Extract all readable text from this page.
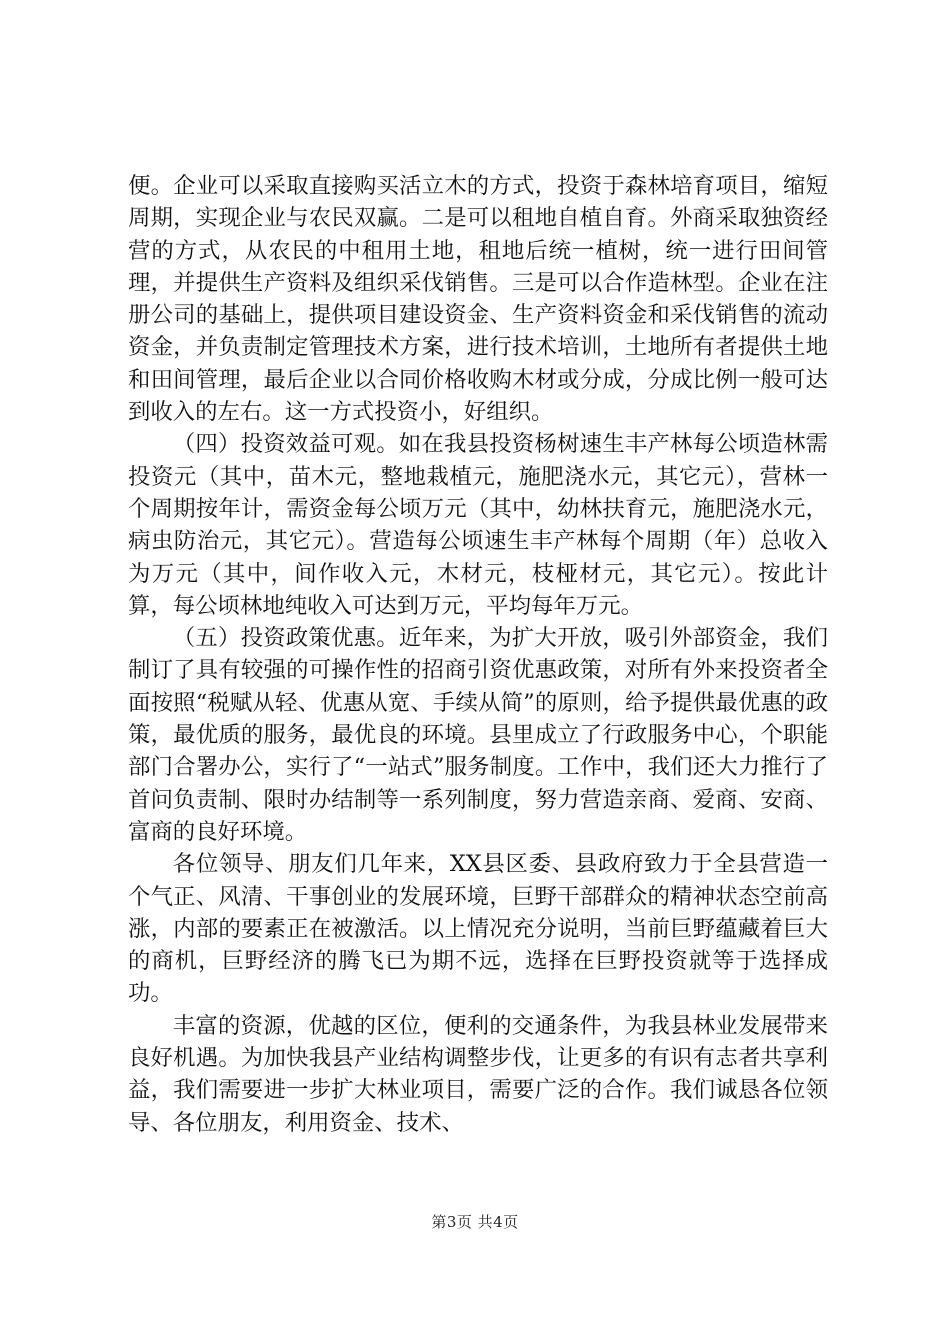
便。企业可以采取直接购买活立木的方式，投资于森林培育项目，缩短周期，实现企业与农民双赢。二是可以租地自植自育。外商采取独资经营的方式，从农民的中租用土地，租地后统一植树，统一进行田间管理，并提供生产资料及组织采伐销售。三是可以合作造林型。企业在注册公司的基础上，提供项目建设资金、生产资料资金和采伐销售的流动资金，并负责制定管理技术方案，进行技术培训，土地所有者提供土地和田间管理，最后企业以合同价格收购木材或分成，分成比例一般可达到收入的左右。这一方式投资小，好组织。

（四）投资效益可观。如在我县投资杨树速生丰产林每公顷造林需投资元（其中，苗木元，整地栽植元，施肥浇水元，其它元），营林一个周期按年计，需资金每公顷万元（其中，幼林扶育元，施肥浇水元，病虫防治元，其它元）。营造每公顷速生丰产林每个周期（年）总收入为万元（其中，间作收入元，木材元，枝桠材元，其它元）。按此计算，每公顷林地纯收入可达到万元，平均每年万元。

（五）投资政策优惠。近年来，为扩大开放，吸引外部资金，我们制订了具有较强的可操作性的招商引资优惠政策，对所有外来投资者全面按照“税赋从轻、优惠从宽、手续从简”的原则，给予提供最优惠的政策，最优质的服务，最优良的环境。县里成立了行政服务中心，个职能部门合署办公，实行了“一站式”服务制度。工作中，我们还大力推行了首问负责制、限时办结制等一系列制度，努力营造亲商、爱商、安商、富商的良好环境。

各位领导、朋友们几年来，XX县区委、县政府致力于全县营造一个气正、风清、干事创业的发展环境，巨野干部群众的精神状态空前高涨，内部的要素正在被激活。以上情况充分说明，当前巨野蕴藏着巨大的商机，巨野经济的腾飞已为期不远，选择在巨野投资就等于选择成功。

丰富的资源，优越的区位，便利的交通条件，为我县林业发展带来良好机遇。为加快我县产业结构调整步伐，让更多的有识有志者共享利益，我们需要进一步扩大林业项目，需要广泛的合作。我们诚恳各位领导、各位朋友，利用资金、技术、

第3页 共4页
